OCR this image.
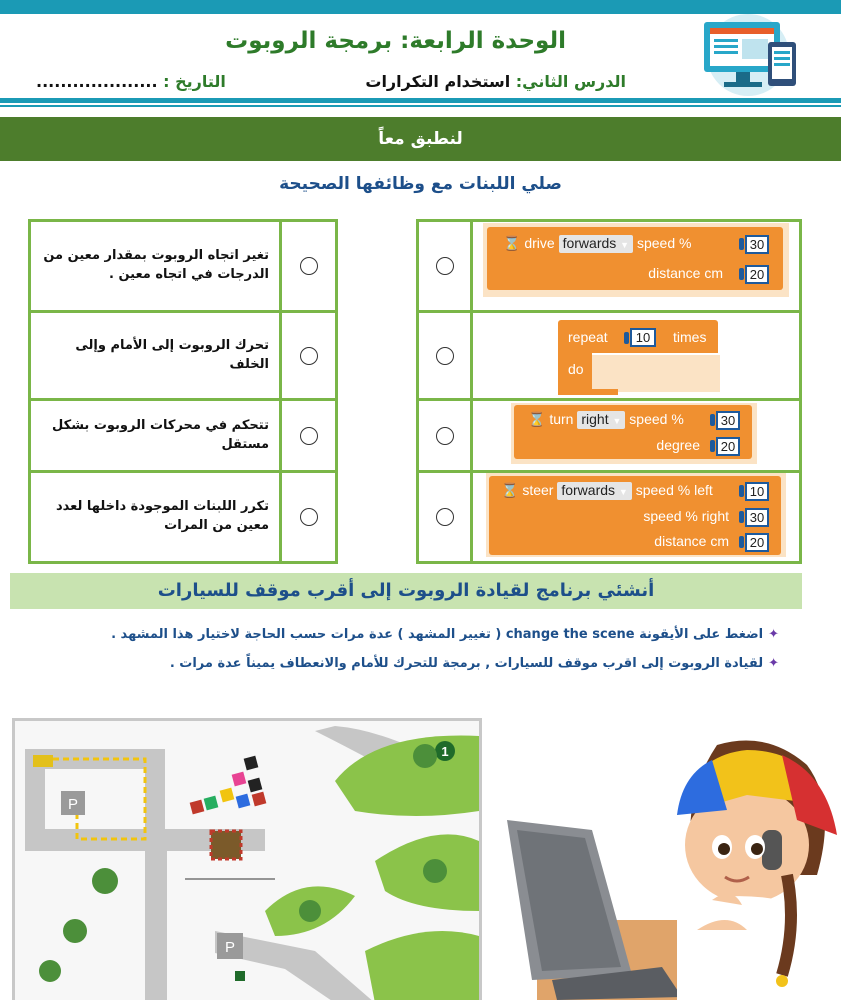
الوحدة الرابعة: برمجة الروبوت
الدرس الثاني: استخدام التكرارات
التاريخ : ....................
لنطبق معاً
صلي اللبنات مع وظائفها الصحيحة
تغير اتجاه الروبوت بمقدار معين من الدرجات في اتجاه معين .	

تحرك الروبوت إلى الأمام وإلى الخلف	

تتحكم في محركات الروبوت بشكل مستقل	

تكرر اللبنات الموجودة داخلها لعدد معين من المرات	

⌛ drive forwards ▼ speed %	30
distance cm	20
repeat	10	times
do
⌛ turn right ▼ speed %	30
degree	20
⌛ steer forwards ▼ speed % left	10
speed % right	30
distance cm	20
أنشئي برنامج لقيادة الروبوت إلى أقرب موقف للسيارات
✦اضغط على الأيقونة change the scene ( تغيير المشهد ) عدة مرات حسب الحاجة لاختيار هذا المشهد .
✦لقيادة الروبوت إلى اقرب موقف للسيارات , برمجة للتحرك للأمام والانعطاف يميناً عدة مرات .
P
P
1
